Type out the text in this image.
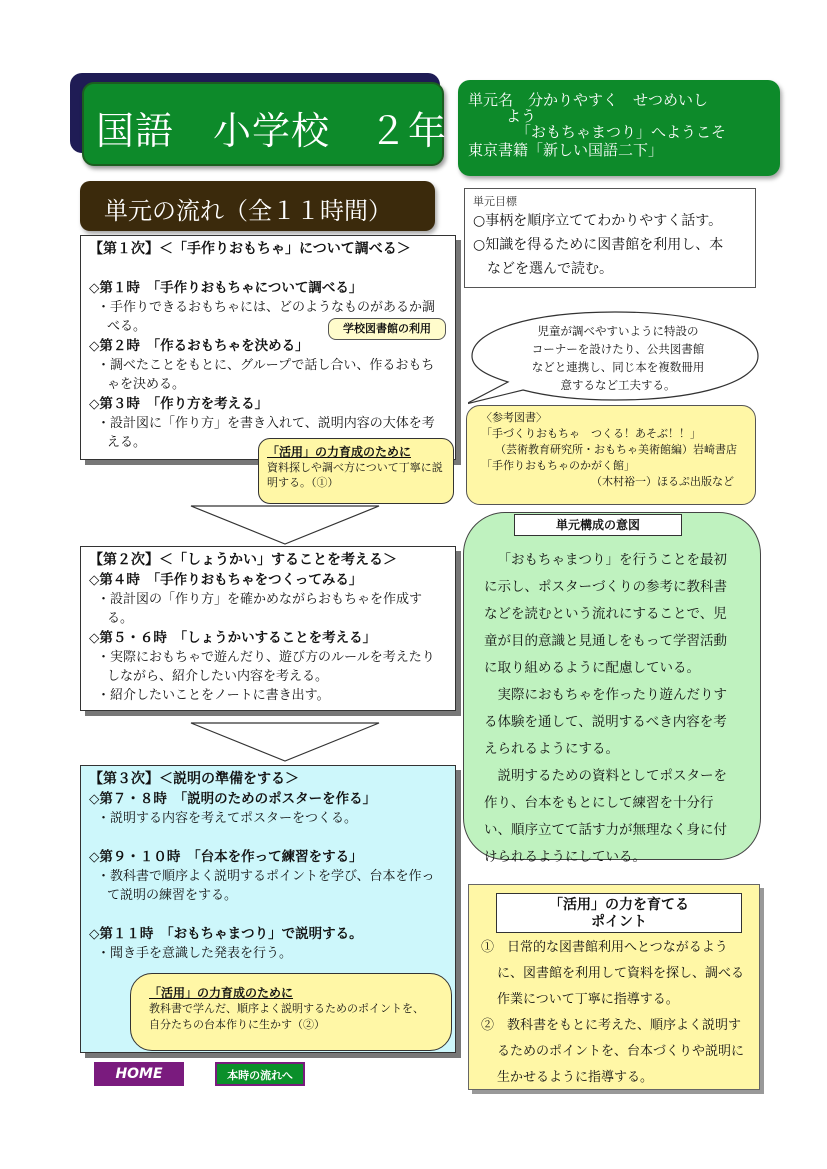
国語　小学校　２年
単元名　分かりやすく　せつめいし
よう
「おもちゃまつり」へようこそ
東京書籍「新しい国語二下」
単元の流れ（全１１時間）	単元目標

○事柄を順序立ててわかりやすく話す。

○知識を得るために図書館を利用し、本

　などを選んで読む。

【第１次】＜「手作りおもちゃ」について調べる＞
◇第１時　「手作りおもちゃについて調べる」
・手作りできるおもちゃには、どのようなものがあるか調べる。
◇第２時　「作るおもちゃを決める」
・調べたことをもとに、グループで話し合い、作るおもちゃを決める。
◇第３時　「作り方を考える」
・設計図に「作り方」を書き入れて、説明内容の大体を考える。
学校図書館の利用
「活用」の力育成のために
資料探しや調べ方について丁寧に説明する。（①）
【第２次】＜「しょうかい」することを考える＞
◇第４時　「手作りおもちゃをつくってみる」
・設計図の「作り方」を確かめながらおもちゃを作成する。
◇第５・６時　「しょうかいすることを考える」
・実際におもちゃで遊んだり、遊び方のルールを考えたりしながら、紹介したい内容を考える。
・紹介したいことをノートに書き出す。
【第３次】＜説明の準備をする＞
◇第７・８時　「説明のためのポスターを作る」
・説明する内容を考えてポスターをつくる。
◇第９・１０時　「台本を作って練習をする」
・教科書で順序よく説明するポイントを学び、台本を作って説明の練習をする。
◇第１１時　「おもちゃまつり」で説明する。
・聞き手を意識した発表を行う。
「活用」の力育成のために
教科書で学んだ、順序よく説明するためのポイントを、自分たちの台本作りに生かす（②）
児童が調べやすいように特設の
コーナーを設けたり、公共図書館
などと連携し、同じ本を複数冊用
意するなど工夫する。

〈参考図書〉

「手づくりおもちゃ　つくる！あそぶ！！」

（芸術教育研究所・おもちゃ美術館編）岩崎書店

「手作りおもちゃのかがく館」

（木村裕一）ほるぷ出版など

「おもちゃまつり」を行うことを最初に示し、ポスターづくりの参考に教科書などを読むという流れにすることで、児童が目的意識と見通しをもって学習活動に取り組めるように配慮している。

実際におもちゃを作ったり遊んだりする体験を通して、説明するべき内容を考えられるようにする。

説明するための資料としてポスターを作り、台本をもとにして練習を十分行い、順序立てて話す力が無理なく身に付けられるようにしている。

単元構成の意図

①　日常的な図書館利用へとつながるように、図書館を利用して資料を探し、調べる作業について丁寧に指導する。

②　教科書をもとに考えた、順序よく説明するためのポイントを、台本づくりや説明に生かせるように指導する。

「活用」の力を育てる
ポイント
HOME	本時の流れへ
